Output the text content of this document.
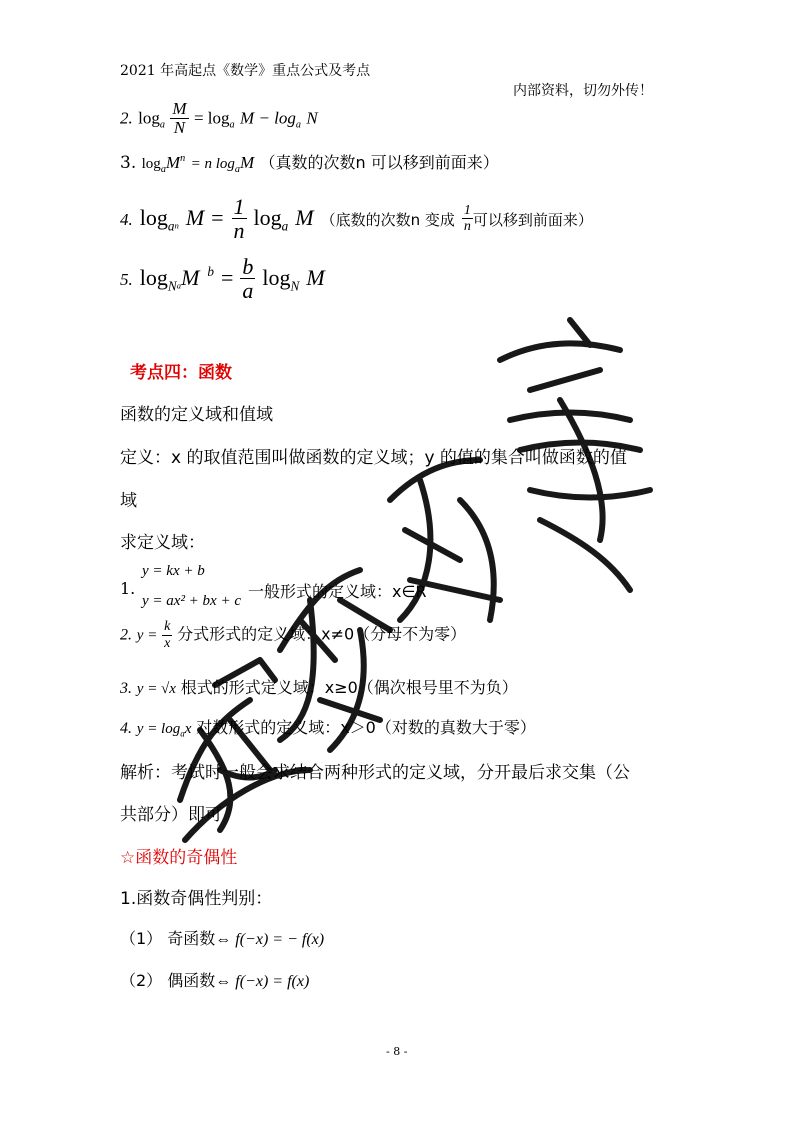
2021 年高起点《数学》重点公式及考点
内部资料，切勿外传！
2. $\log_a \frac{M}{N} = \log_a M - \log_a N$
3. $\log_aM^n = n$ $\log_aM$ （真数的次数n 可以移到前面来）
4. $\log_{an} M = \frac{1}{n} \log_a M$ （底数的次数n 变成 $\frac{1}{n}$ 可以移到前面来）
5. $\log_{Na}M$ $^b = \frac{b}{a} \log_N M$
考点四：函数
函数的定义域和值域
定义：x 的取值范围叫做函数的定义域；y 的值的集合叫做函数的值
域
求定义域：
1.
y = kx + b
y = ax² + bx + c 一般形式的定义域：x∈R
2. $y = \frac{k}{x}$ 分式形式的定义域：x≠0（分母不为零）
3. y = √x 根式的形式定义域：x≥0（偶次根号里不为负）
4. $y = \log_ax$ 对数形式的定义域：x＞0（对数的真数大于零）
解析：考试时一般会求结合两种形式的定义域，分开最后求交集（公
共部分）即可
☆函数的奇偶性
1.函数奇偶性判别：
（1） 奇函数⇔ f(−x) = − f(x)
（2） 偶函数⇔ f(−x) = f(x)
- 8 -
